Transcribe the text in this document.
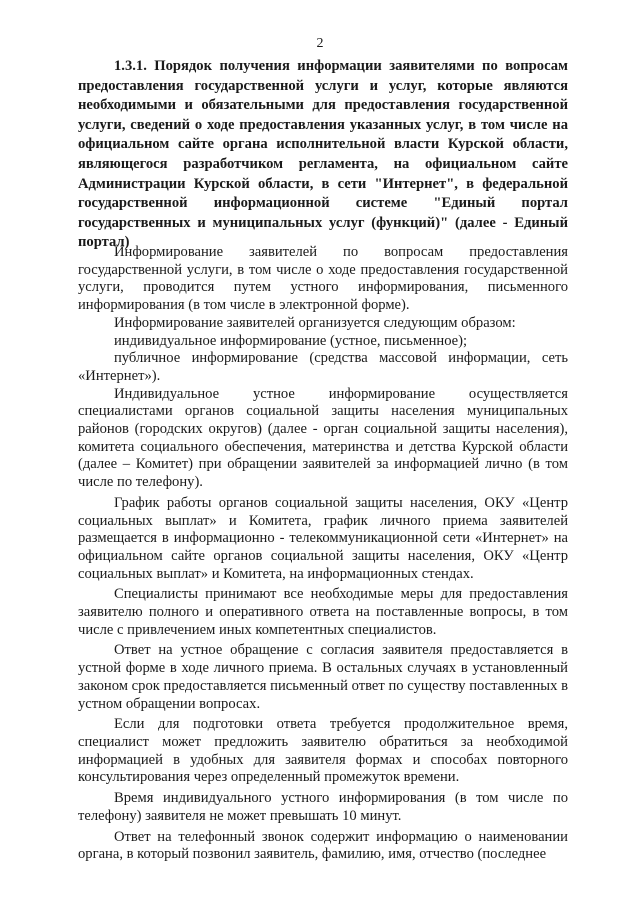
2
1.3.1. Порядок получения информации заявителями по вопросам предоставления государственной услуги и услуг, которые являются необходимыми и обязательными для предоставления государственной услуги, сведений о ходе предоставления указанных услуг, в том числе на официальном сайте органа исполнительной власти Курской области, являющегося разработчиком регламента, на официальном сайте Администрации Курской области, в сети "Интернет", в федеральной государственной информационной системе "Единый портал государственных и муниципальных услуг (функций)" (далее - Единый портал)

Информирование заявителей по вопросам предоставления государственной услуги, в том числе о ходе предоставления государственной услуги, проводится путем устного информирования, письменного информирования (в том числе в электронной форме).

Информирование заявителей организуется следующим образом:

индивидуальное информирование (устное, письменное);

публичное информирование (средства массовой информации, сеть «Интернет»).

Индивидуальное устное информирование осуществляется специалистами органов социальной защиты населения муниципальных районов (городских округов) (далее - орган социальной защиты населения), комитета социального обеспечения, материнства и детства Курской области (далее – Комитет) при обращении заявителей за информацией лично (в том числе по телефону).

График работы органов социальной защиты населения, ОКУ «Центр социальных выплат» и Комитета, график личного приема заявителей размещается в информационно - телекоммуникационной сети «Интернет» на официальном сайте органов социальной защиты населения, ОКУ «Центр социальных выплат» и Комитета, на информационных стендах.

Специалисты принимают все необходимые меры для предоставления заявителю полного и оперативного ответа на поставленные вопросы, в том числе с привлечением иных компетентных специалистов.

Ответ на устное обращение с согласия заявителя предоставляется в устной форме в ходе личного приема. В остальных случаях в установленный законом срок предоставляется письменный ответ по существу поставленных в устном обращении вопросах.

Если для подготовки ответа требуется продолжительное время, специалист может предложить заявителю обратиться за необходимой информацией в удобных для заявителя формах и способах повторного консультирования через определенный промежуток времени.

Время индивидуального устного информирования (в том числе по телефону) заявителя не может превышать 10 минут.

Ответ на телефонный звонок содержит информацию о наименовании органа, в который позвонил заявитель, фамилию, имя, отчество (последнее
